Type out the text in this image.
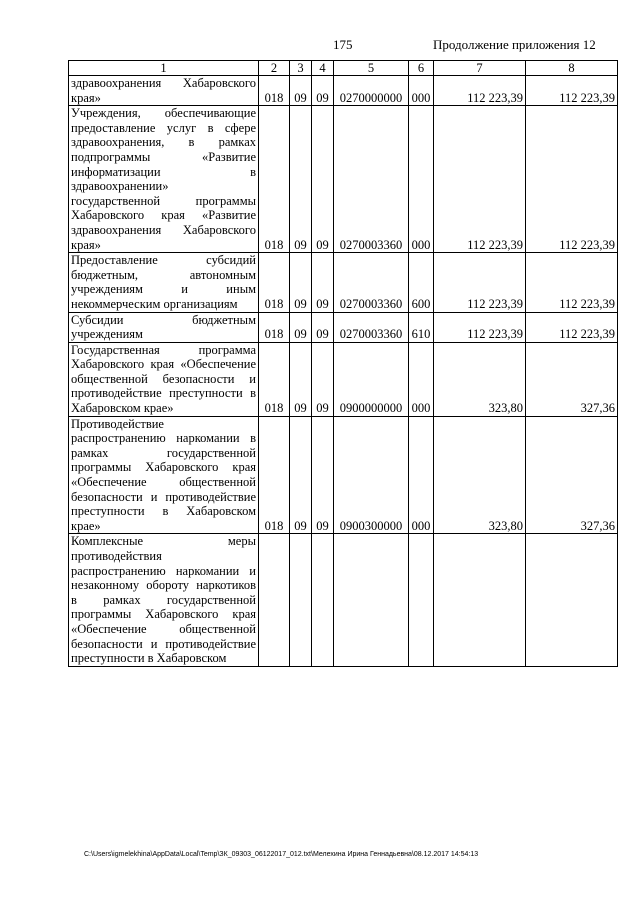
175	Продолжение приложения 12
1	2	3	4	5	6	7	8
здравоохранения Хабаровского края»	018	09	09	0270000000	000	112 223,39	112 223,39
Учреждения, обеспечивающие предоставление услуг в сфере здравоохранения, в рамках подпрограммы «Развитие информатизации в здравоохранении» государственной программы Хабаровского края «Развитие здравоохранения Хабаровского края»	018	09	09	0270003360	000	112 223,39	112 223,39
Предоставление субсидий бюджетным, автономным учреждениям и иным некоммерческим организациям	018	09	09	0270003360	600	112 223,39	112 223,39
Субсидии бюджетным учреждениям	018	09	09	0270003360	610	112 223,39	112 223,39
Государственная программа Хабаровского края «Обеспечение общественной безопасности и противодействие преступности в Хабаровском крае»	018	09	09	0900000000	000	323,80	327,36
Противодействие распространению наркомании в рамках государственной программы Хабаровского края «Обеспечение общественной безопасности и противодействие преступности в Хабаровском крае»	018	09	09	0900300000	000	323,80	327,36
Комплексные меры противодействия распространению наркомании и незаконному обороту наркотиков в рамках государственной программы Хабаровского края «Обеспечение общественной безопасности и противодействие преступности в Хабаровском							
C:\Users\igmelekhina\AppData\Local\Temp\ЗК_09303_06122017_012.txt\Мелехина Ирина Геннадьевна\08.12.2017 14:54:13
